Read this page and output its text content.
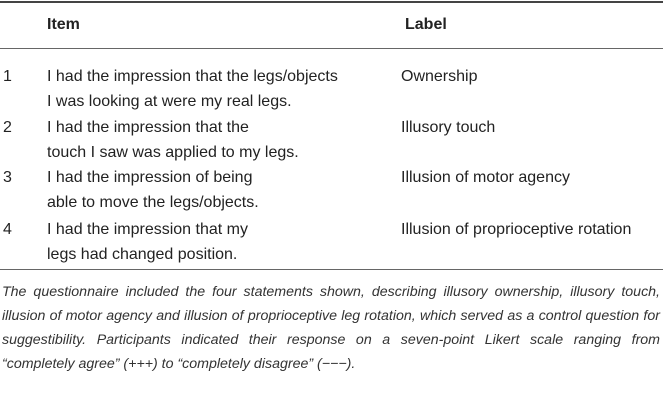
Item	Label
1 I had the impression that the legs/objects
I was looking at were my real legs.
Ownership
2 I had the impression that the
touch I saw was applied to my legs.
Illusory touch
3 I had the impression of being
able to move the legs/objects.
Illusion of motor agency
4 I had the impression that my
legs had changed position.
Illusion of proprioceptive rotation
The questionnaire included the four statements shown, describing illusory ownership, illusory touch, illusion of motor agency and illusion of proprioceptive leg rotation, which served as a control question for suggestibility. Participants indicated their response on a seven-point Likert scale ranging from “completely agree” (+++) to “completely disagree” (−−−).
